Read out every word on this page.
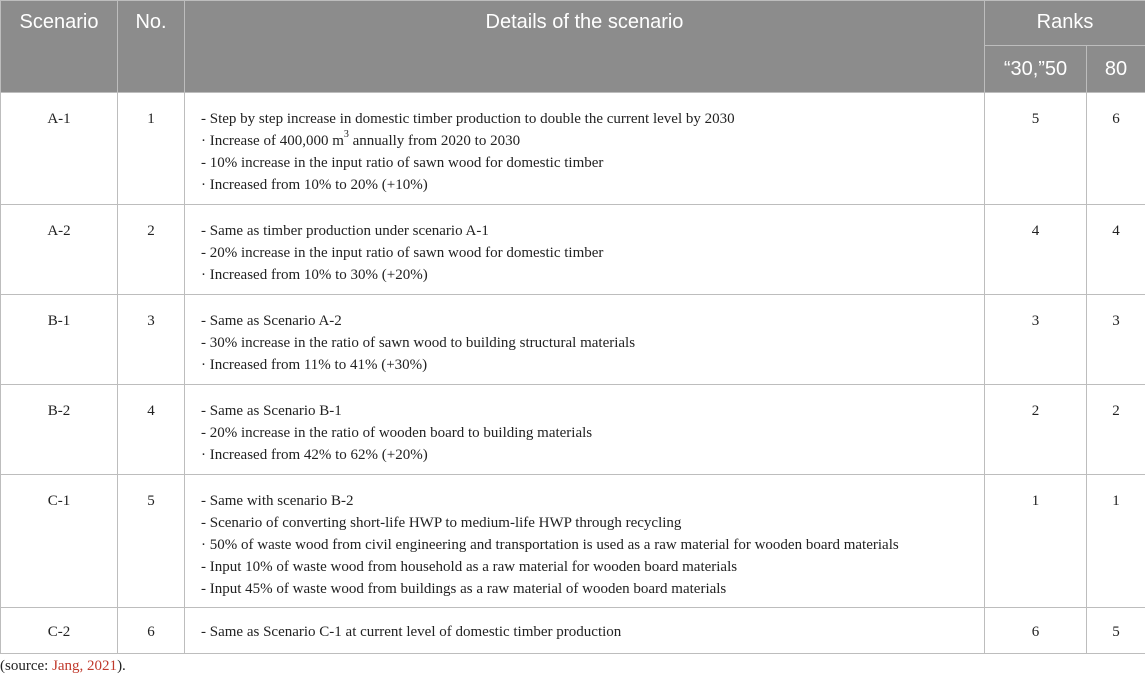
Scenario	No.	Details of the scenario	Ranks	
			“30,”50	80
A-1	1	- Step by step increase in domestic timber production to double the current level by 2030
· Increase of 400,000 $m^3$ annually from 2020 to 2030
- 10% increase in the input ratio of sawn wood for domestic timber
· Increased from 10% to 20% (+10%)	5	6
A-2	2	- Same as timber production under scenario A-1
- 20% increase in the input ratio of sawn wood for domestic timber
· Increased from 10% to 30% (+20%)	4	4
B-1	3	- Same as Scenario A-2
- 30% increase in the ratio of sawn wood to building structural materials
· Increased from 11% to 41% (+30%)	3	3
B-2	4	- Same as Scenario B-1
- 20% increase in the ratio of wooden board to building materials
· Increased from 42% to 62% (+20%)	2	2
C-1	5	- Same with scenario B-2
- Scenario of converting short-life HWP to medium-life HWP through recycling
· 50% of waste wood from civil engineering and transportation is used as a raw material for wooden board materials
- Input 10% of waste wood from household as a raw material for wooden board materials
- Input 45% of waste wood from buildings as a raw material of wooden board materials	1	1
C-2	6	- Same as Scenario C-1 at current level of domestic timber production	6	5
(source: Jang, 2021).
